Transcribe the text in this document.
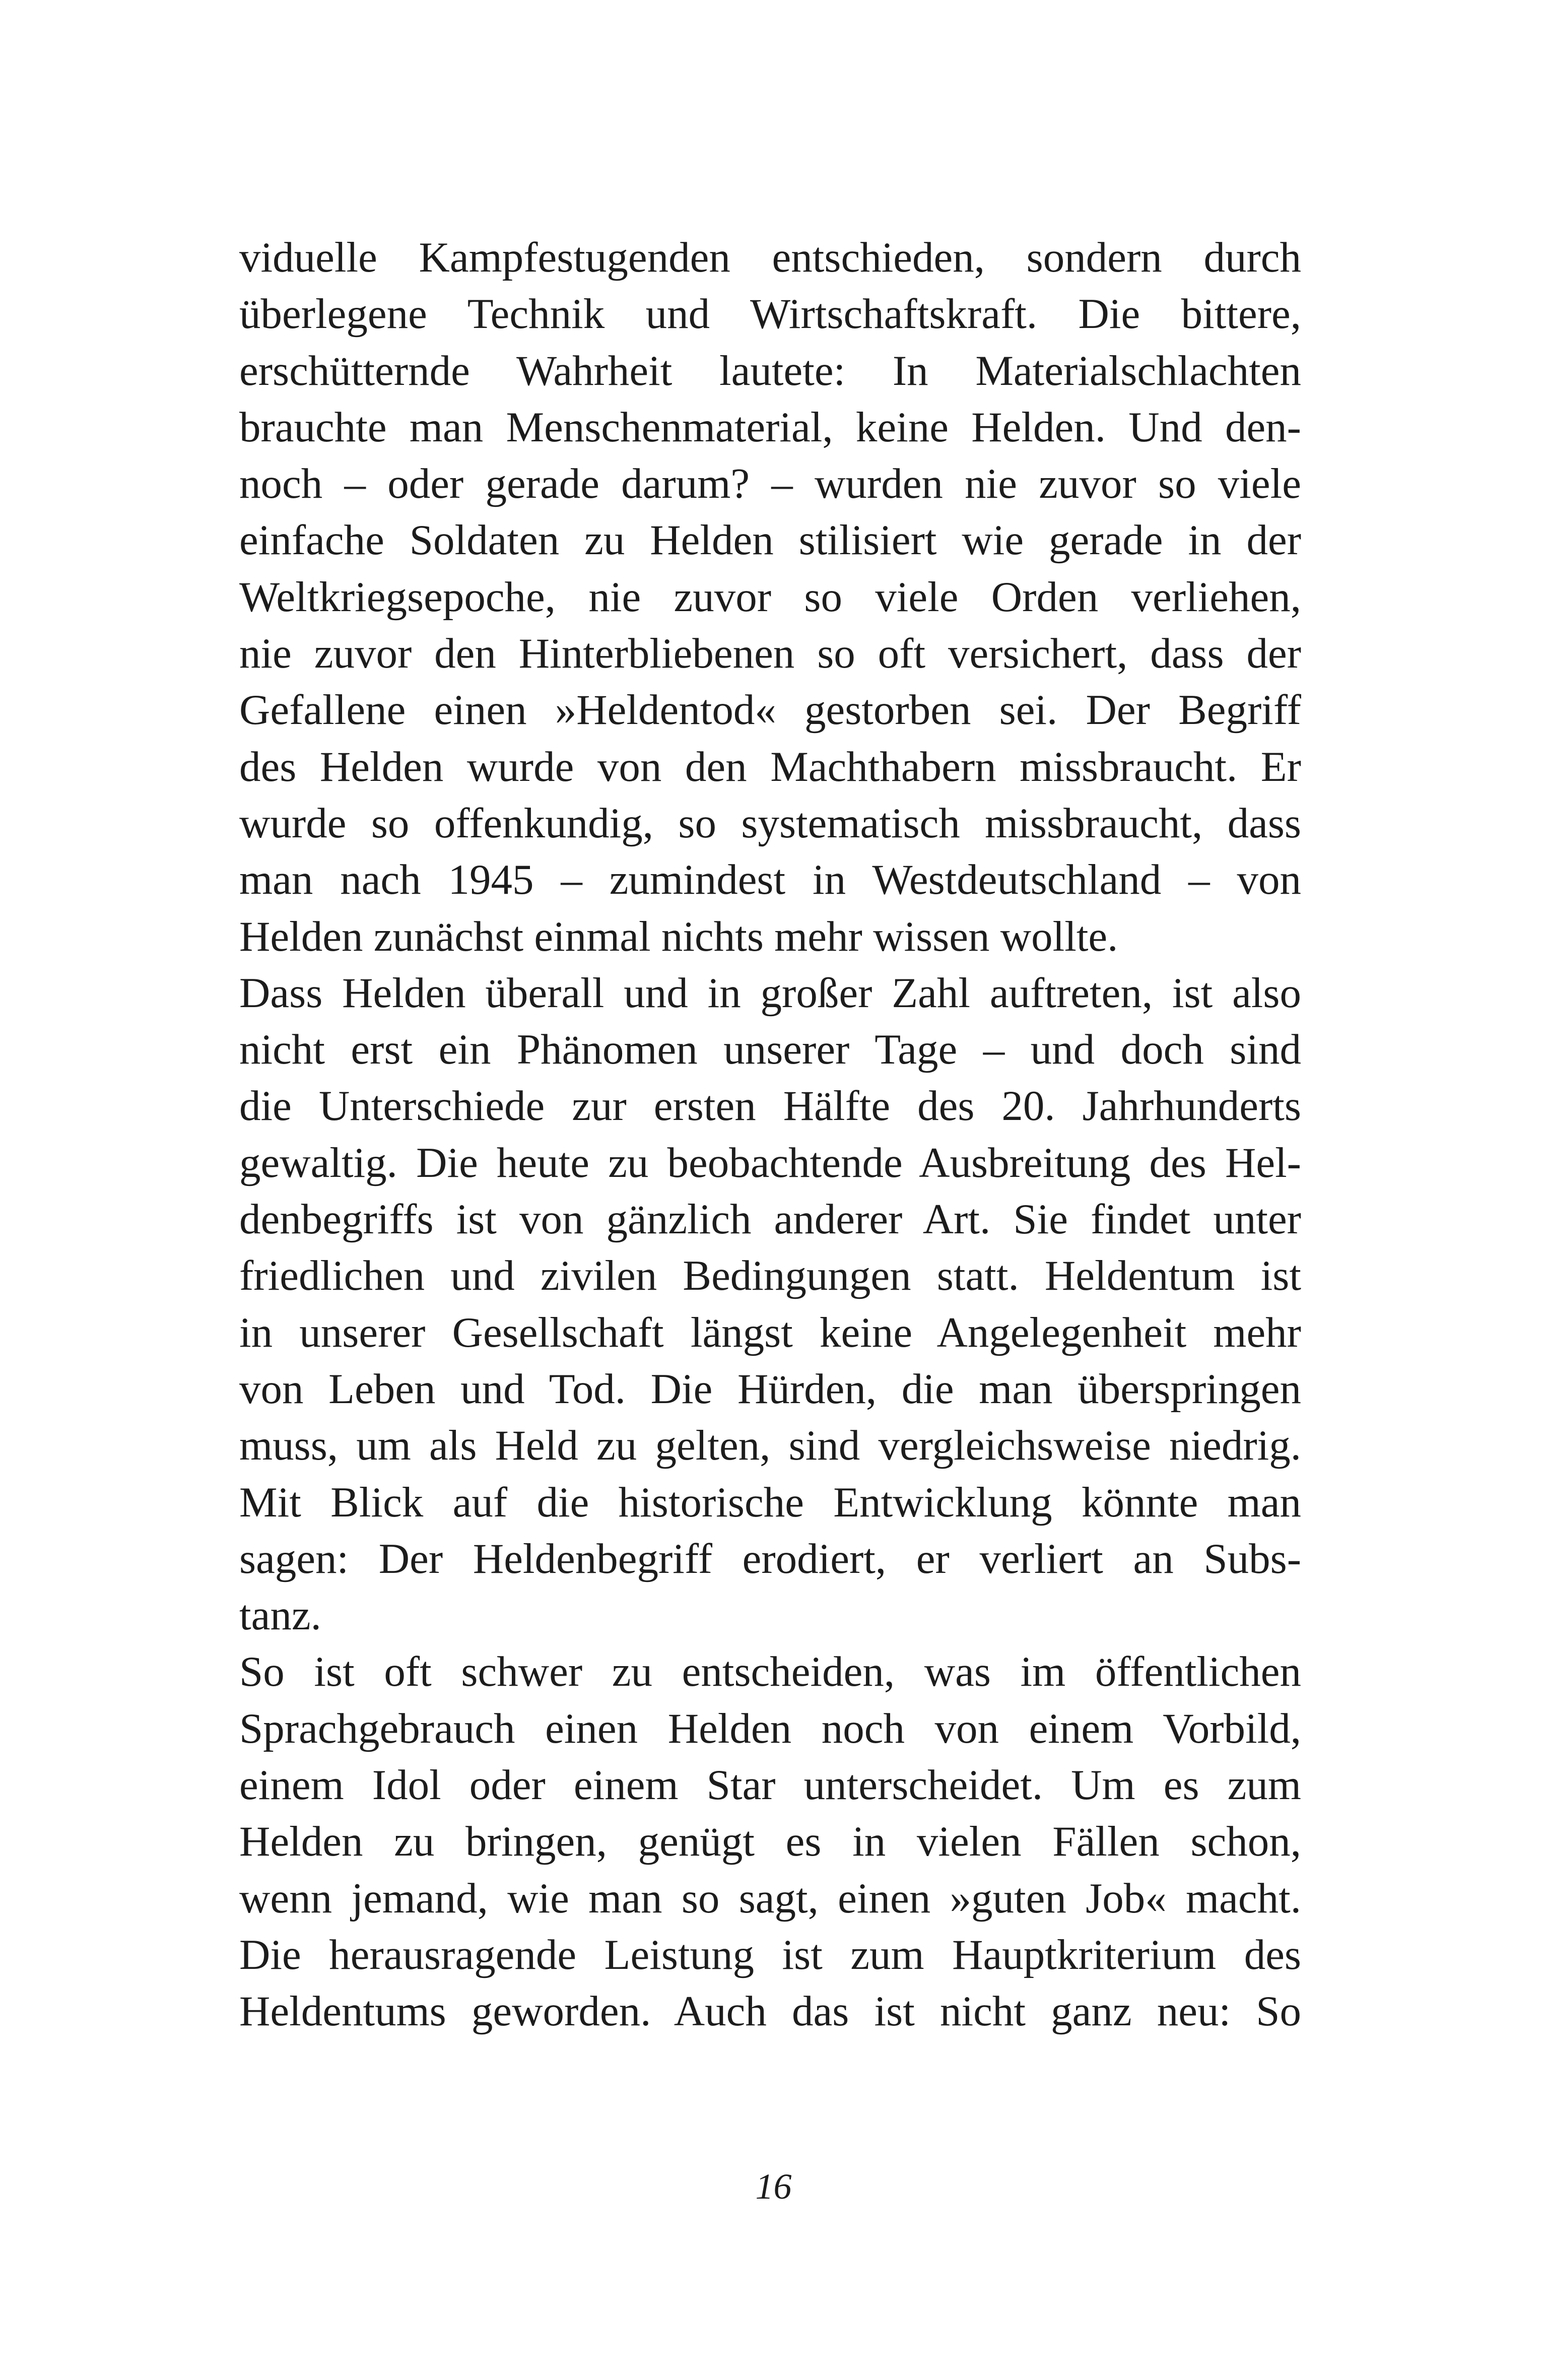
viduelle Kampfestugenden entschieden, sondern durch
überlegene Technik und Wirtschaftskraft. Die bittere,
erschütternde Wahrheit lautete: In Materialschlachten
brauchte man Menschenmaterial, keine Helden. Und den-
noch – oder gerade darum? – wurden nie zuvor so viele
einfache Soldaten zu Helden stilisiert wie gerade in der
Weltkriegsepoche, nie zuvor so viele Orden verliehen,
nie zuvor den Hinterbliebenen so oft versichert, dass der
Gefallene einen »Heldentod« gestorben sei. Der Begriff
des Helden wurde von den Machthabern missbraucht. Er
wurde so offenkundig, so systematisch missbraucht, dass
man nach 1945 – zumindest in Westdeutschland – von
Helden zunächst einmal nichts mehr wissen wollte.
Dass Helden überall und in großer Zahl auftreten, ist also
nicht erst ein Phänomen unserer Tage – und doch sind
die Unterschiede zur ersten Hälfte des 20. Jahrhunderts
gewaltig. Die heute zu beobachtende Ausbreitung des Hel-
denbegriffs ist von gänzlich anderer Art. Sie findet unter
friedlichen und zivilen Bedingungen statt. Heldentum ist
in unserer Gesellschaft längst keine Angelegenheit mehr
von Leben und Tod. Die Hürden, die man überspringen
muss, um als Held zu gelten, sind vergleichsweise niedrig.
Mit Blick auf die historische Entwicklung könnte man
sagen: Der Heldenbegriff erodiert, er verliert an Subs-
tanz.
So ist oft schwer zu entscheiden, was im öffentlichen
Sprachgebrauch einen Helden noch von einem Vorbild,
einem Idol oder einem Star unterscheidet. Um es zum
Helden zu bringen, genügt es in vielen Fällen schon,
wenn jemand, wie man so sagt, einen »guten Job« macht.
Die herausragende Leistung ist zum Hauptkriterium des
Heldentums geworden. Auch das ist nicht ganz neu: So
16
